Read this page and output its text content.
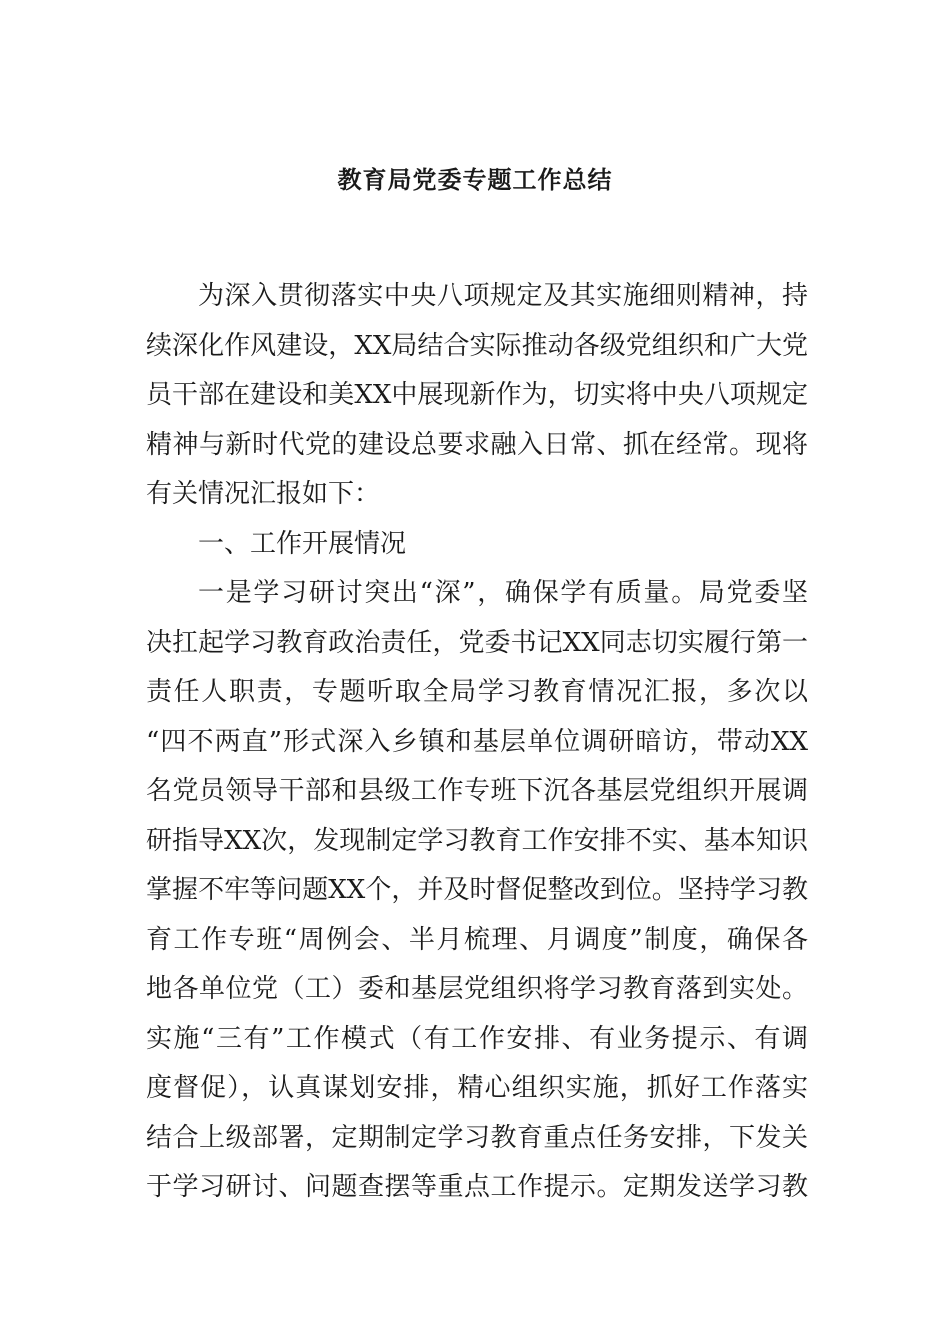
教育局党委专题工作总结
为深入贯彻落实中央八项规定及其实施细则精神，持
续深化作风建设，XX局结合实际推动各级党组织和广大党
员干部在建设和美XX中展现新作为，切实将中央八项规定
精神与新时代党的建设总要求融入日常、抓在经常。现将
有关情况汇报如下：
一、工作开展情况
一是学习研讨突出“深”，确保学有质量。局党委坚
决扛起学习教育政治责任，党委书记XX同志切实履行第一
责任人职责，专题听取全局学习教育情况汇报，多次以
“四不两直”形式深入乡镇和基层单位调研暗访，带动XX
名党员领导干部和县级工作专班下沉各基层党组织开展调
研指导XX次，发现制定学习教育工作安排不实、基本知识
掌握不牢等问题XX个，并及时督促整改到位。坚持学习教
育工作专班“周例会、半月梳理、月调度”制度，确保各
地各单位党（工）委和基层党组织将学习教育落到实处。
实施“三有”工作模式（有工作安排、有业务提示、有调
度督促），认真谋划安排，精心组织实施，抓好工作落实
结合上级部署，定期制定学习教育重点任务安排，下发关
于学习研讨、问题查摆等重点工作提示。定期发送学习教
